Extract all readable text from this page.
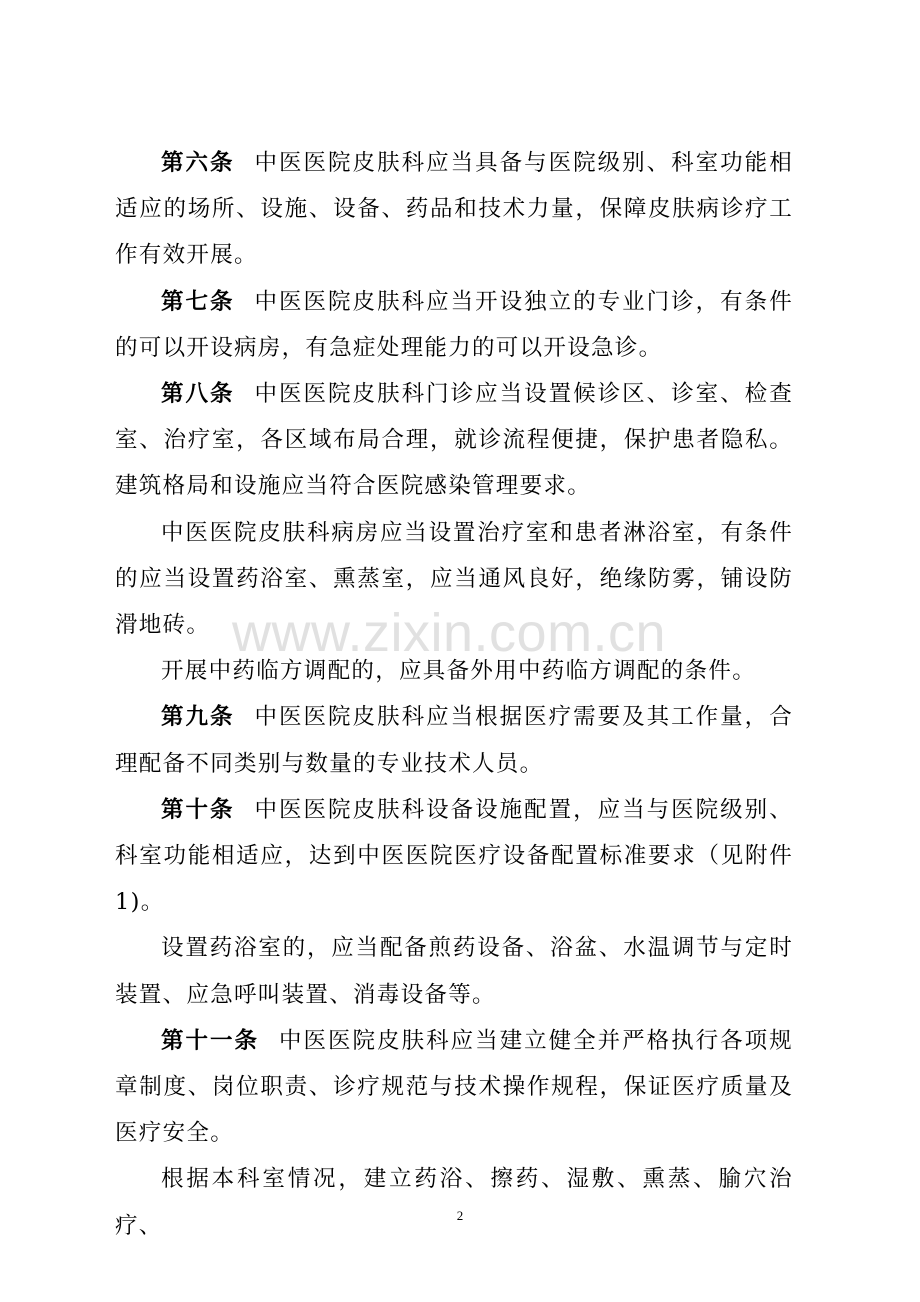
第六条 中医医院皮肤科应当具备与医院级别、科室功能相适应的场所、设施、设备、药品和技术力量，保障皮肤病诊疗工作有效开展。

第七条 中医医院皮肤科应当开设独立的专业门诊，有条件的可以开设病房，有急症处理能力的可以开设急诊。

第八条 中医医院皮肤科门诊应当设置候诊区、诊室、检查室、治疗室，各区域布局合理，就诊流程便捷，保护患者隐私。建筑格局和设施应当符合医院感染管理要求。

中医医院皮肤科病房应当设置治疗室和患者淋浴室，有条件的应当设置药浴室、熏蒸室，应当通风良好，绝缘防雾，铺设防滑地砖。

开展中药临方调配的，应具备外用中药临方调配的条件。

第九条 中医医院皮肤科应当根据医疗需要及其工作量，合理配备不同类别与数量的专业技术人员。

第十条 中医医院皮肤科设备设施配置，应当与医院级别、科室功能相适应，达到中医医院医疗设备配置标准要求（见附件1)。

设置药浴室的，应当配备煎药设备、浴盆、水温调节与定时装置、应急呼叫装置、消毒设备等。

第十一条 中医医院皮肤科应当建立健全并严格执行各项规章制度、岗位职责、诊疗规范与技术操作规程，保证医疗质量及医疗安全。

根据本科室情况，建立药浴、擦药、湿敷、熏蒸、腧穴治疗、

www.zixin.com.cn
2
